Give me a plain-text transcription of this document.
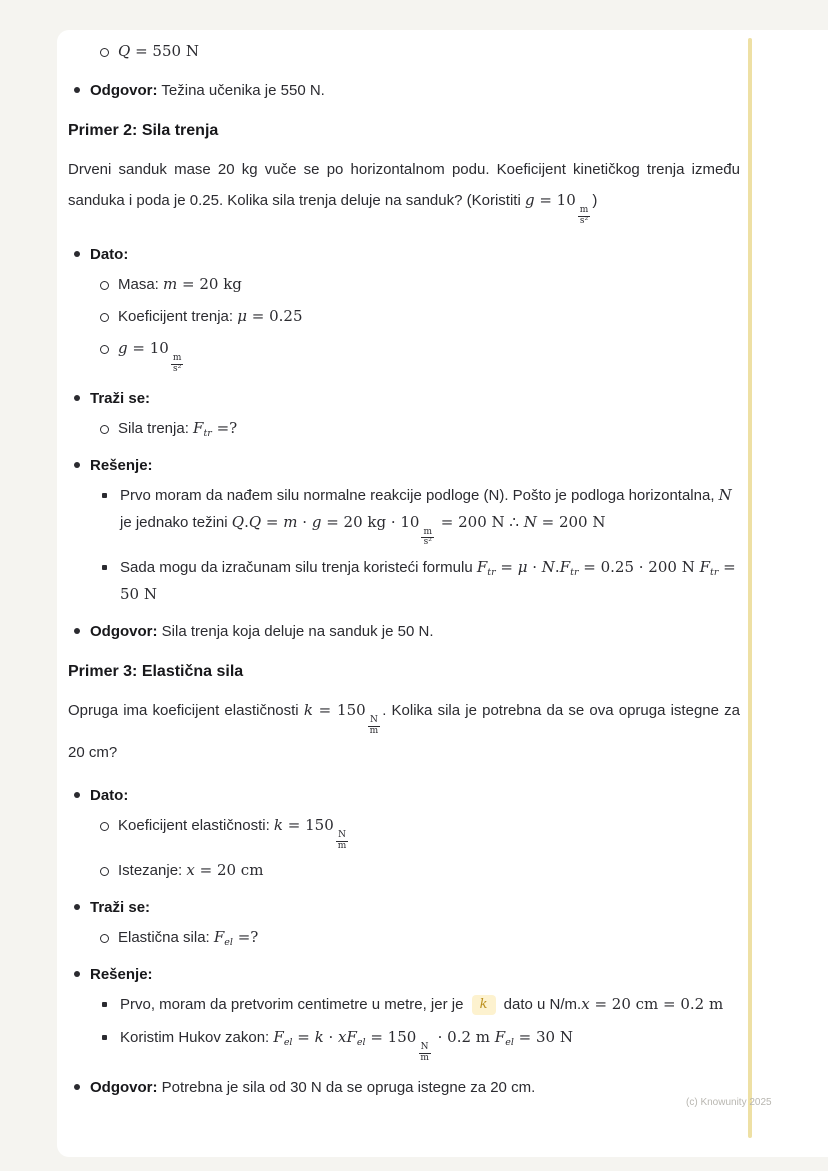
Q = 550 N
Odgovor: Težina učenika je 550 N.
Primer 2: Sila trenja

Drveni sanduk mase 20 kg vuče se po horizontalnom podu. Koeficijent kinetičkog trenja između sanduka i poda je 0.25. Kolika sila trenja deluje na sanduk? (Koristiti g = 10
$\frac{m}{\text{s²}}$
)

Dato:
Masa: m = 20 kg
Koeficijent trenja: μ = 0.25
g = 10
$\frac{m}{\text{s²}}$
Traži se:
Sila trenja: $F_{tr}$ =?
Rešenje:
Prvo moram da nađem silu normalne reakcije podloge (N). Pošto je podloga horizontalna, N je jednako težini Q.Q = m · g = 20 kg · 10
$\frac{m}{\text{s²}}$
= 200 N ∴ N = 200 N
Sada mogu da izračunam silu trenja koristeći formulu $F_{tr} = \mu \cdot N.F_{tr} = 0.25 \cdot 200$ N $F_{tr} = 50$ N
Odgovor: Sila trenja koja deluje na sanduk je 50 N.
Primer 3: Elastična sila

Opruga ima koeficijent elastičnosti k = 150
$\frac{N}{m}$
. Kolika sila je potrebna da se ova opruga istegne za 20 cm?

Dato:
Koeficijent elastičnosti: k = 150
$\frac{N}{m}$
Istezanje: x = 20 cm
Traži se:
Elastična sila: $F_{el}$ =?
Rešenje:
Prvo, moram da pretvorim centimetre u metre, jer je k dato u N/m.x = 20 cm = 0.2 m
Koristim Hukov zakon: $F_{el} = k \cdot xF_{el} = 150$
$\frac{N}{m}$
· 0.2 m $F_{el} = 30$ N
Odgovor: Potrebna je sila od 30 N da se opruga istegne za 20 cm.
(c) Knowunity 2025
